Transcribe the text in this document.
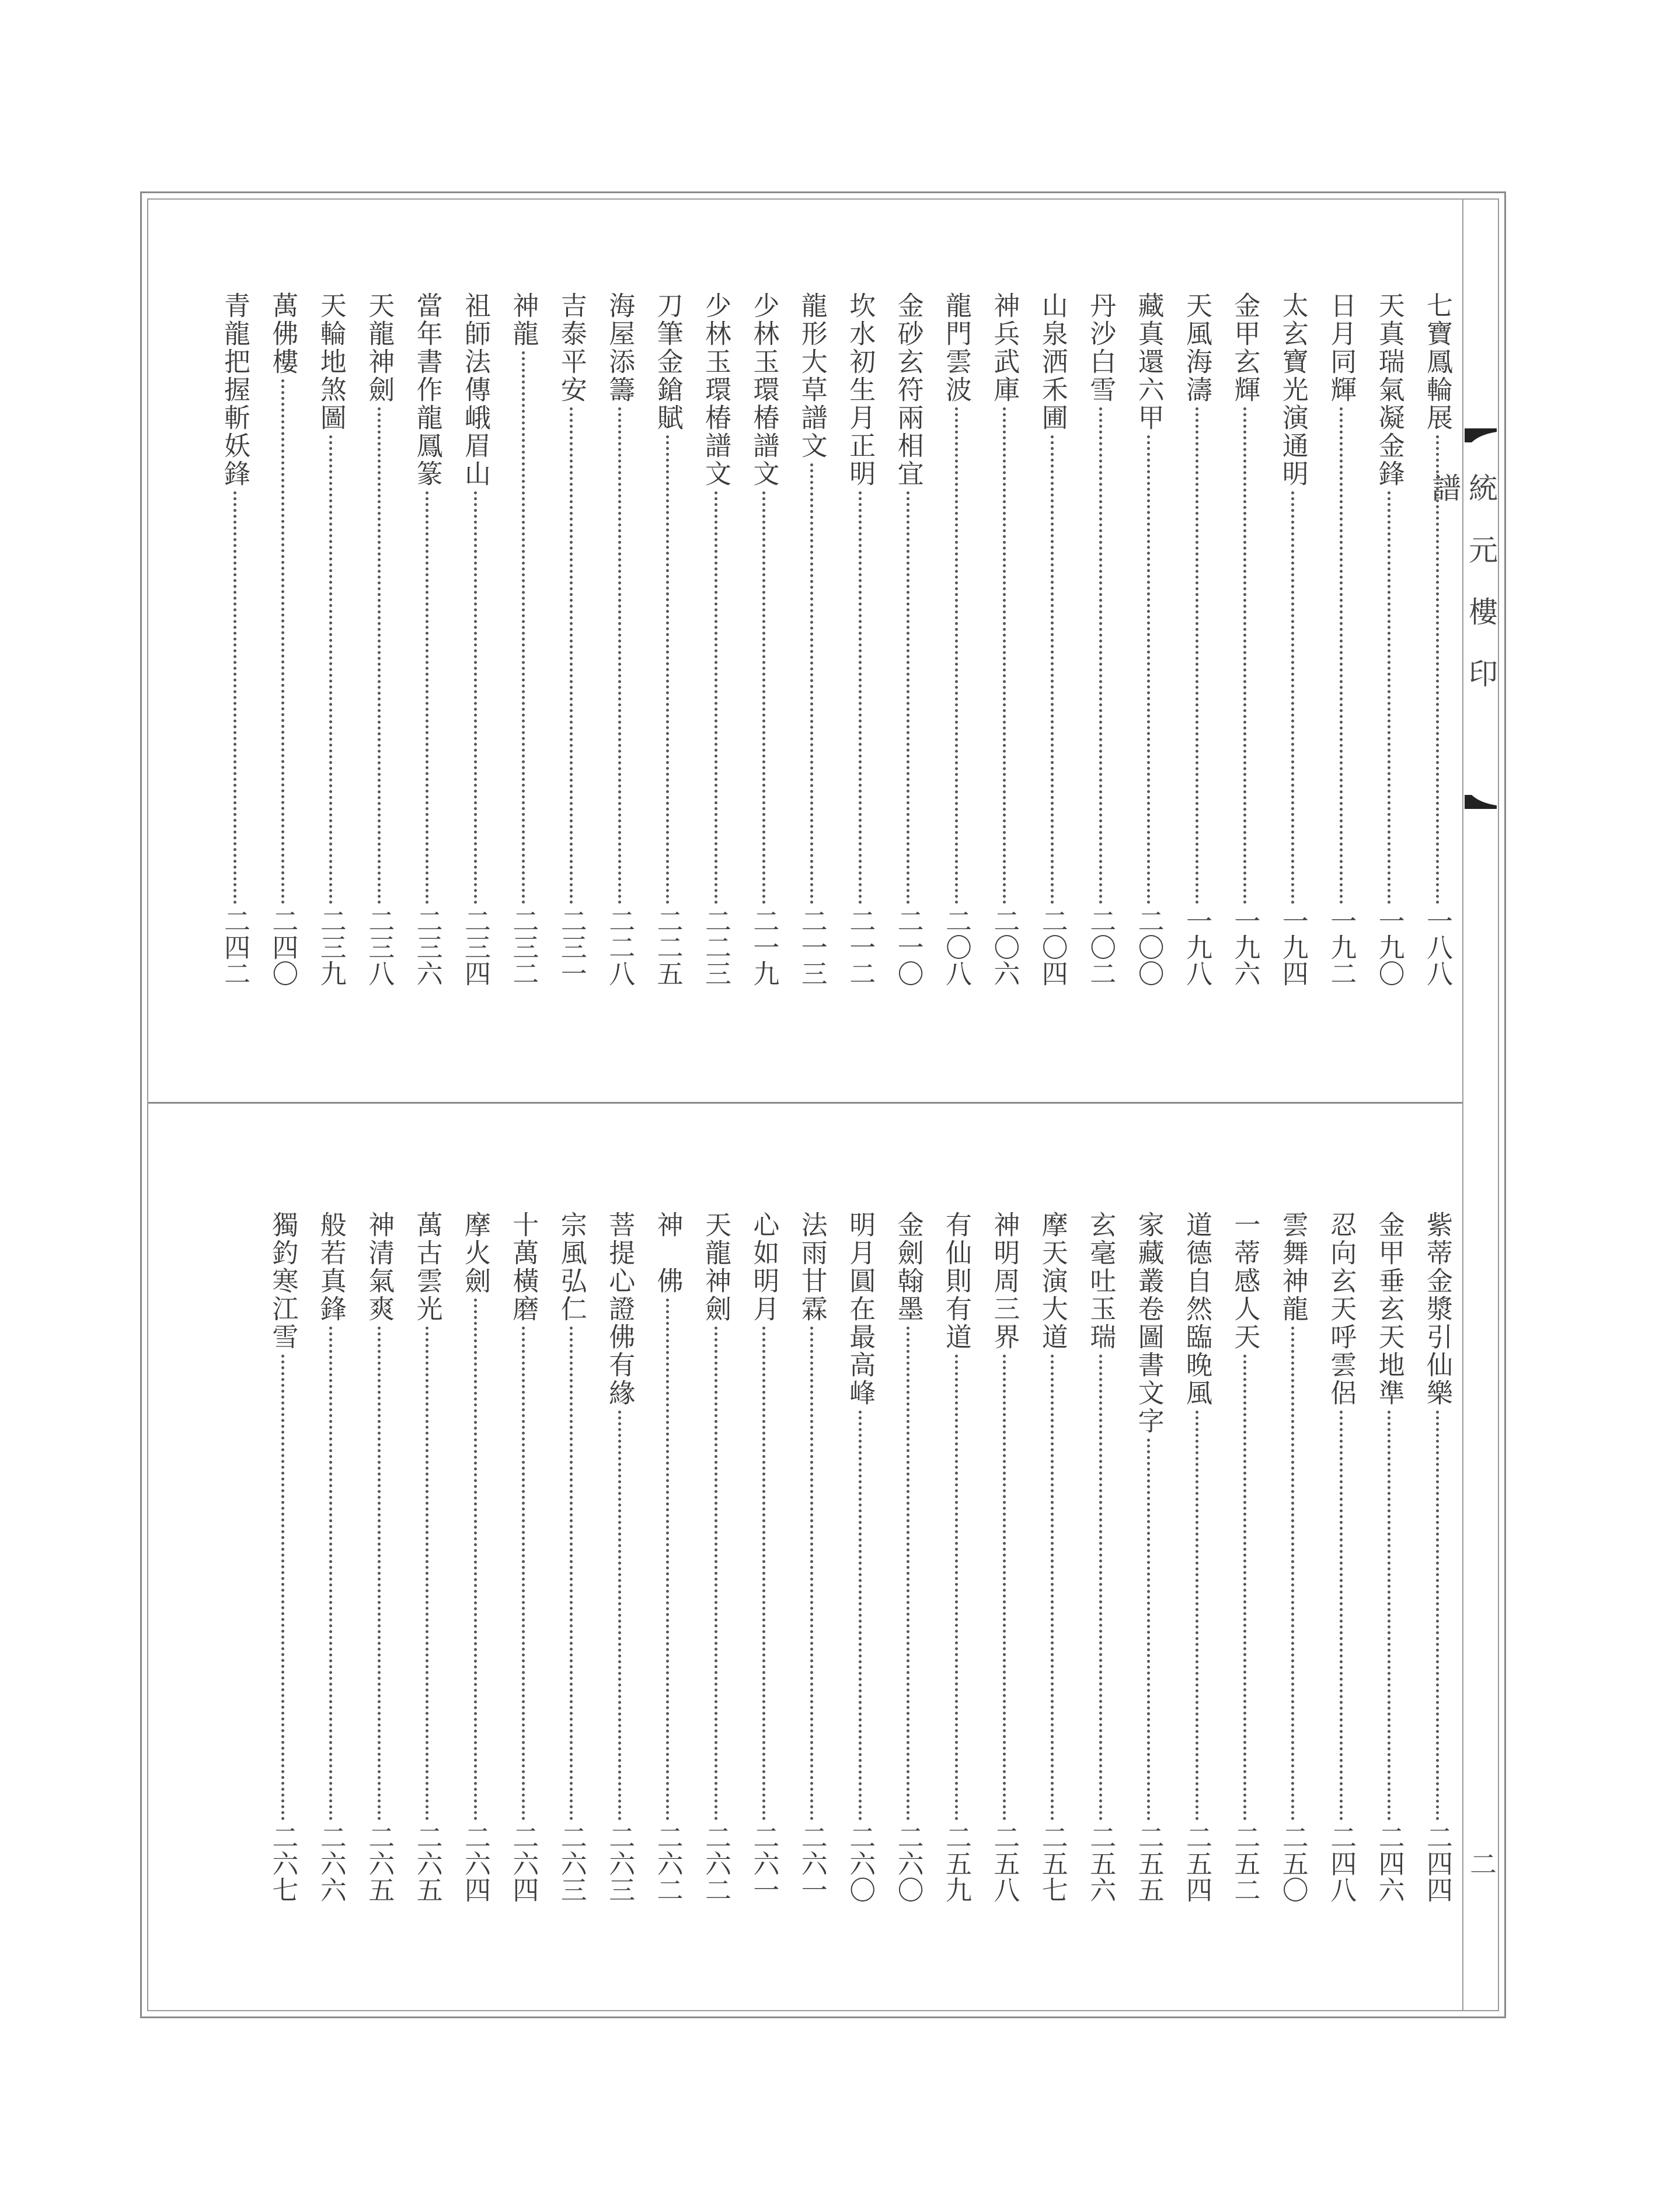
統元樓印譜
二
七寶鳳輪展
一八八
天真瑞氣凝金鋒
一九〇
日月同輝
一九二
太玄寶光演通明
一九四
金甲玄輝
一九六
天風海濤
一九八
藏真還六甲
二〇〇
丹沙白雪
二〇二
山泉洒禾圃
二〇四
神兵武庫
二〇六
龍門雲波
二〇八
金砂玄符兩相宜
二一〇
坎水初生月正明
二一二
龍形大草譜文
二一三
少林玉環椿譜文
二一九
少林玉環椿譜文
二二三
刀筆金鎗賦
二二五
海屋添籌
二二八
吉泰平安
二三一
神龍
二三二
祖師法傳峨眉山
二三四
當年書作龍鳳篆
二三六
天龍神劍
二三八
天輪地煞圖
二三九
萬佛樓
二四〇
青龍把握斬妖鋒
二四二
紫蒂金漿引仙樂
二四四
金甲垂玄天地準
二四六
忍向玄天呼雲侶
二四八
雲舞神龍
二五〇
一蒂感人天
二五二
道德自然臨晚風
二五四
家藏叢卷圖書文字
二五五
玄毫吐玉瑞
二五六
摩天演大道
二五七
神明周三界
二五八
有仙則有道
二五九
金劍翰墨
二六〇
明月圓在最高峰
二六〇
法雨甘霖
二六一
心如明月
二六一
天龍神劍
二六二
神　佛
二六二
菩提心證佛有緣
二六三
宗風弘仁
二六三
十萬橫磨
二六四
摩火劍
二六四
萬古雲光
二六五
神清氣爽
二六五
般若真鋒
二六六
獨釣寒江雪
二六七
